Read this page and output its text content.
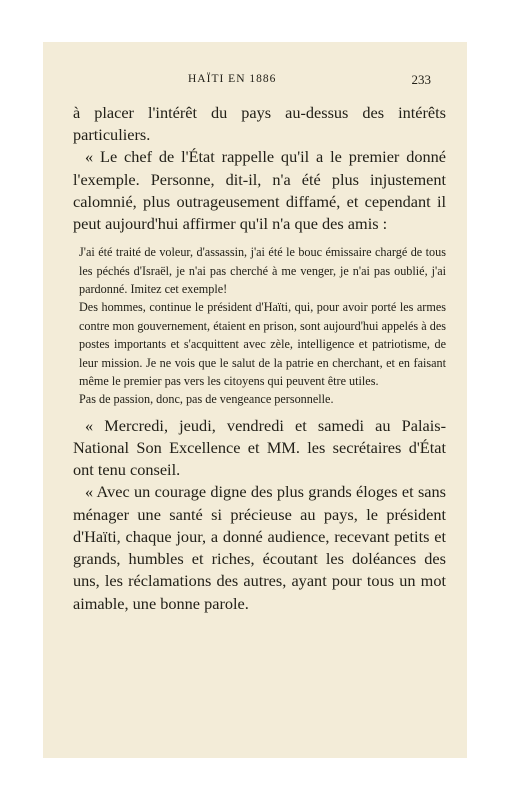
HAÏTI EN 1886	233

à placer l'intérêt du pays au-dessus des intérêts particuliers.

« Le chef de l'État rappelle qu'il a le premier donné l'exemple. Personne, dit-il, n'a été plus injustement calomnié, plus outrageusement diffamé, et cependant il peut aujourd'hui affirmer qu'il n'a que des amis :

J'ai été traité de voleur, d'assassin, j'ai été le bouc émissaire chargé de tous les péchés d'Israël, je n'ai pas cherché à me venger, je n'ai pas oublié, j'ai pardonné. Imitez cet exemple!

Des hommes, continue le président d'Haïti, qui, pour avoir porté les armes contre mon gouvernement, étaient en prison, sont aujourd'hui appelés à des postes importants et s'acquittent avec zèle, intelligence et patriotisme, de leur mission. Je ne vois que le salut de la patrie en cherchant, et en faisant même le premier pas vers les citoyens qui peuvent être utiles.

Pas de passion, donc, pas de vengeance personnelle.

« Mercredi, jeudi, vendredi et samedi au Palais-National Son Excellence et MM. les secrétaires d'État ont tenu conseil.

« Avec un courage digne des plus grands éloges et sans ménager une santé si précieuse au pays, le président d'Haïti, chaque jour, a donné audience, recevant petits et grands, humbles et riches, écoutant les doléances des uns, les réclamations des autres, ayant pour tous un mot aimable, une bonne parole.
